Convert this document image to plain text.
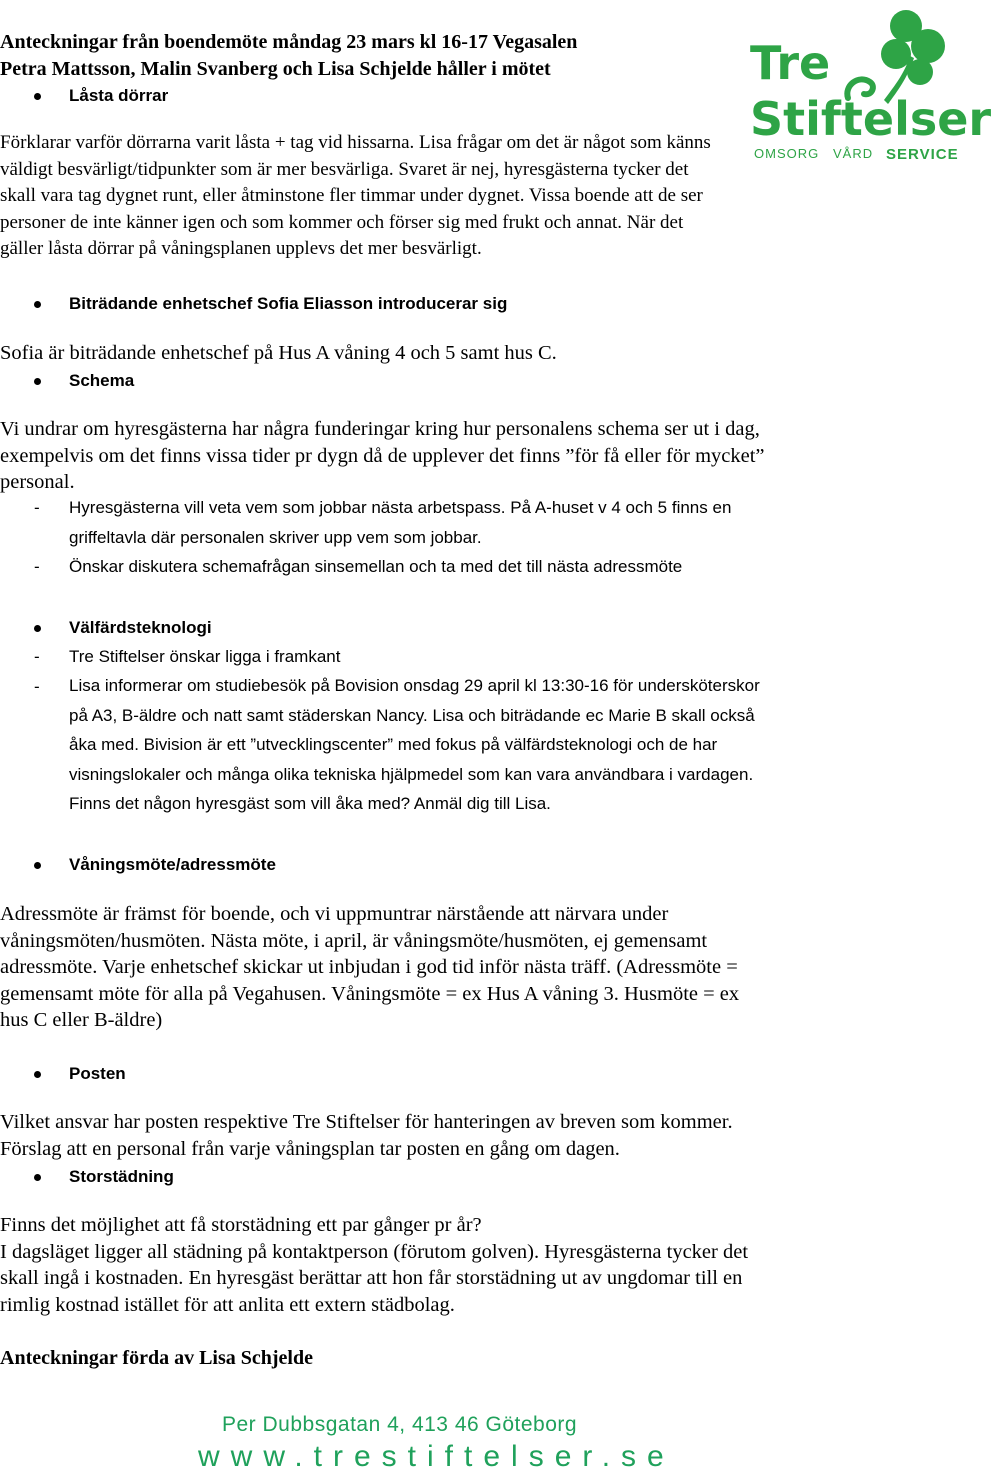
Tre
Stiftelser
OMSORG VÅRD SERVICE
Anteckningar från boendemöte måndag 23 mars kl 16-17 Vegasalen
Petra Mattsson, Malin Svanberg och Lisa Schjelde håller i mötet
Låsta dörrar
Förklarar varför dörrarna varit låsta + tag vid hissarna. Lisa frågar om det är något som känns
väldigt besvärligt/tidpunkter som är mer besvärliga. Svaret är nej, hyresgästerna tycker det
skall vara tag dygnet runt, eller åtminstone fler timmar under dygnet. Vissa boende att de ser
personer de inte känner igen och som kommer och förser sig med frukt och annat. När det
gäller låsta dörrar på våningsplanen upplevs det mer besvärligt.
Biträdande enhetschef Sofia Eliasson introducerar sig
Sofia är biträdande enhetschef på Hus A våning 4 och 5 samt hus C.
Schema
Vi undrar om hyresgästerna har några funderingar kring hur personalens schema ser ut i dag,
exempelvis om det finns vissa tider pr dygn då de upplever det finns ”för få eller för mycket”
personal.
- Hyresgästerna vill veta vem som jobbar nästa arbetspass. På A-huset v 4 och 5 finns en
griffeltavla där personalen skriver upp vem som jobbar.
- Önskar diskutera schemafrågan sinsemellan och ta med det till nästa adressmöte
Välfärdsteknologi
- Tre Stiftelser önskar ligga i framkant
- Lisa informerar om studiebesök på Bovision onsdag 29 april kl 13:30-16 för undersköterskor
på A3, B-äldre och natt samt städerskan Nancy. Lisa och biträdande ec Marie B skall också
åka med. Bivision är ett ”utvecklingscenter” med fokus på välfärdsteknologi och de har
visningslokaler och många olika tekniska hjälpmedel som kan vara användbara i vardagen.
Finns det någon hyresgäst som vill åka med? Anmäl dig till Lisa.
Våningsmöte/adressmöte
Adressmöte är främst för boende, och vi uppmuntrar närstående att närvara under
våningsmöten/husmöten. Nästa möte, i april, är våningsmöte/husmöten, ej gemensamt
adressmöte. Varje enhetschef skickar ut inbjudan i god tid inför nästa träff. (Adressmöte =
gemensamt möte för alla på Vegahusen. Våningsmöte = ex Hus A våning 3. Husmöte = ex
hus C eller B-äldre)
Posten
Vilket ansvar har posten respektive Tre Stiftelser för hanteringen av breven som kommer.
Förslag att en personal från varje våningsplan tar posten en gång om dagen.
Storstädning
Finns det möjlighet att få storstädning ett par gånger pr år?
I dagsläget ligger all städning på kontaktperson (förutom golven). Hyresgästerna tycker det
skall ingå i kostnaden. En hyresgäst berättar att hon får storstädning ut av ungdomar till en
rimlig kostnad istället för att anlita ett extern städbolag.
Anteckningar förda av Lisa Schjelde
Per Dubbsgatan 4, 413 46 Göteborg
www.trestiftelser.se
